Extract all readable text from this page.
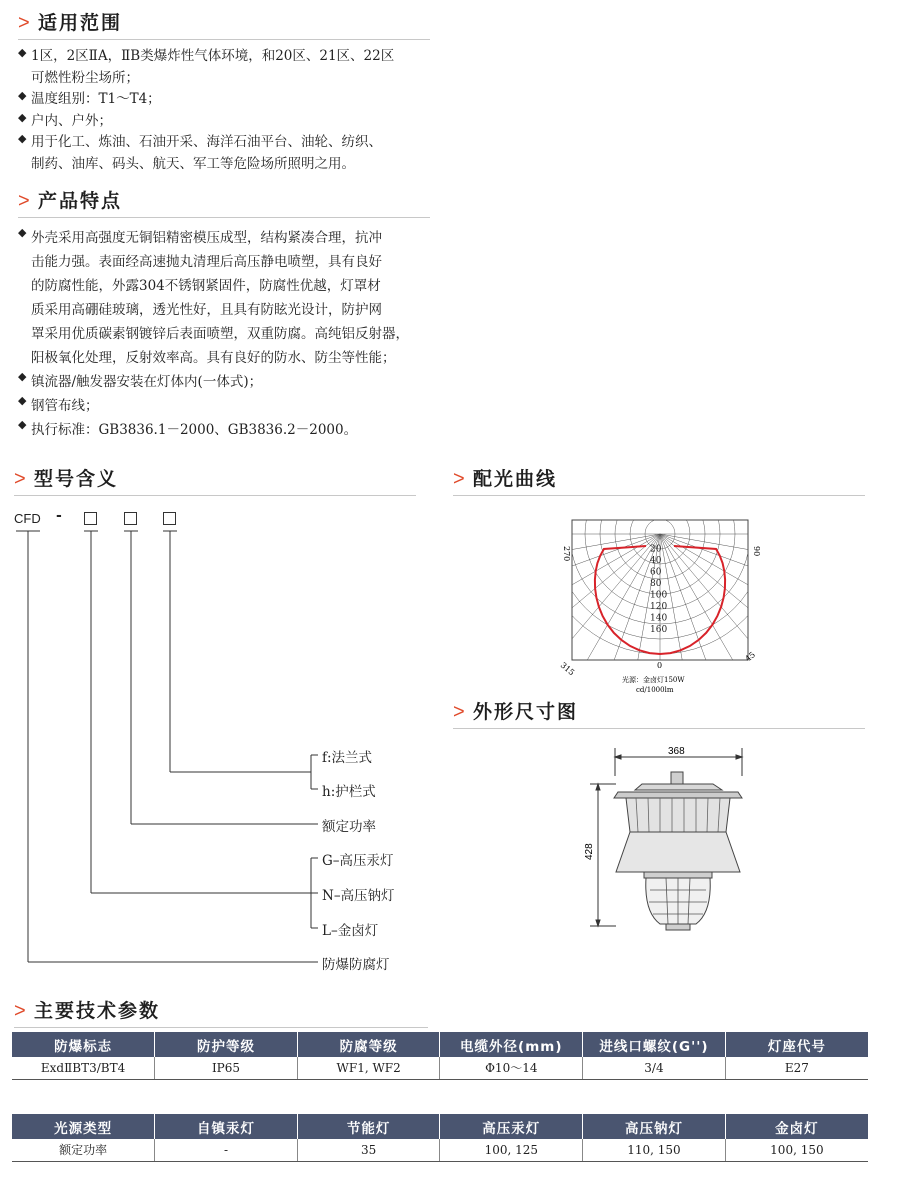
> 适用范围
◆ 1区，2区ⅡA，ⅡB类爆炸性气体环境，和20区、21区、22区
可燃性粉尘场所；
◆ 温度组别：T1～T4；
◆ 户内、户外；
◆ 用于化工、炼油、石油开采、海洋石油平台、油轮、纺织、
制药、油库、码头、航天、军工等危险场所照明之用。
> 产品特点
◆ 外壳采用高强度无铜铝精密模压成型，结构紧凑合理，抗冲
击能力强。表面经高速抛丸清理后高压静电喷塑，具有良好
的防腐性能，外露304不锈钢紧固件，防腐性优越，灯罩材
质采用高硼硅玻璃，透光性好，且具有防眩光设计，防护网
罩采用优质碳素钢镀锌后表面喷塑，双重防腐。高纯铝反射器，
阳极氧化处理，反射效率高。具有良好的防水、防尘等性能；
◆ 镇流器/触发器安装在灯体内(一体式)；
◆ 钢管布线；
◆ 执行标准：GB3836.1－2000、GB3836.2－2000。
> 型号含义
CFD -
f:法兰式
h:护栏式
额定功率
G–高压汞灯
N–高压钠灯
L–金卤灯
防爆防腐灯
> 配光曲线
20
40
60
80
100
120
140
160
270	90
315	0
45
光源：金卤灯150W
cd/1000lm
> 外形尺寸图
368
428
> 主要技术参数
防爆标志	防护等级	防腐等级	电缆外径(mm)	进线口螺纹(G'')	灯座代号
ExdⅡBT3/BT4	IP65	WF1, WF2	Φ10～14	3/4	E27
光源类型	自镇汞灯	节能灯	高压汞灯	高压钠灯	金卤灯
额定功率	-	35	100, 125	110, 150	100, 150
